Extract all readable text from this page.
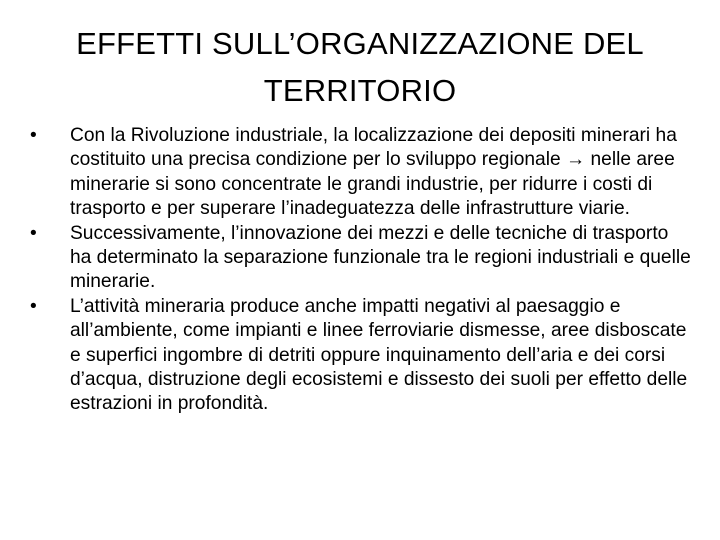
EFFETTI SULL’ORGANIZZAZIONE DEL
TERRITORIO
•	Con la Rivoluzione industriale, la localizzazione dei depositi minerari ha costituito una precisa condizione per lo sviluppo regionale → nelle aree minerarie si sono concentrate le grandi industrie, per ridurre i costi di trasporto e per superare l’inadeguatezza delle infrastrutture viarie.
•	Successivamente, l’innovazione dei mezzi e delle tecniche di trasporto ha determinato la separazione funzionale tra le regioni industriali e quelle minerarie.
•	L’attività mineraria produce anche impatti negativi al paesaggio e all’ambiente, come impianti e linee ferroviarie dismesse, aree disboscate e superfici ingombre di detriti oppure inquinamento dell’aria e dei corsi d’acqua, distruzione degli ecosistemi e dissesto dei suoli per effetto delle estrazioni in profondità.
